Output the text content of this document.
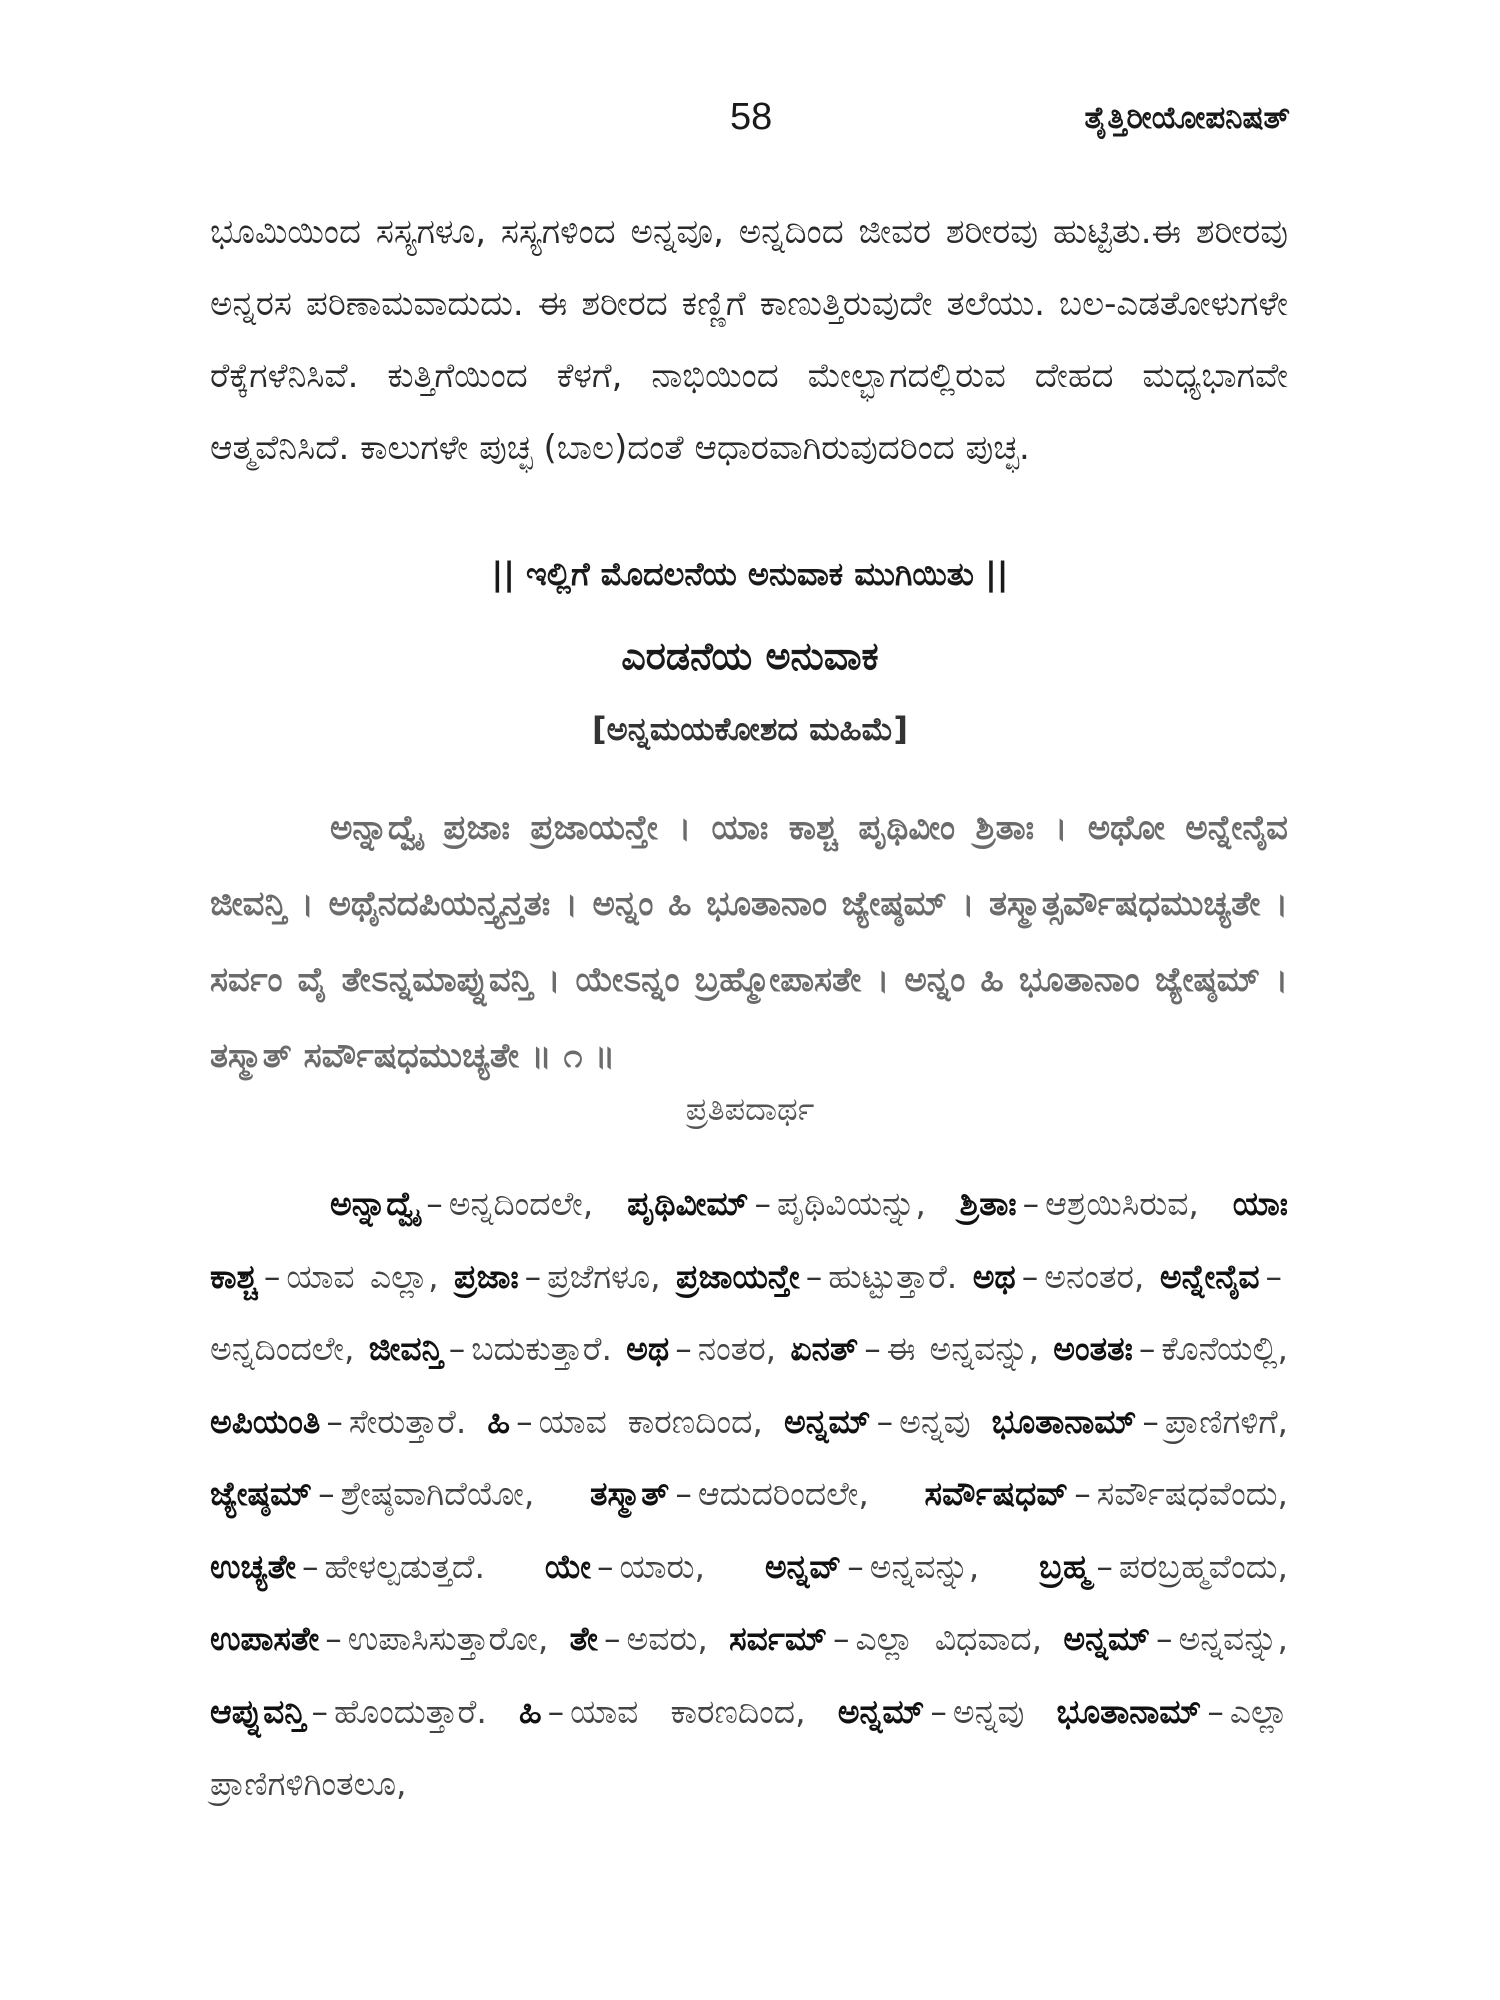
58	ತೈತ್ತಿರೀಯೋಪನಿಷತ್

ಭೂಮಿಯಿಂದ ಸಸ್ಯಗಳೂ, ಸಸ್ಯಗಳಿಂದ ಅನ್ನವೂ, ಅನ್ನದಿಂದ ಜೀವರ ಶರೀರವು ಹುಟ್ಟಿತು.ಈ ಶರೀರವು ಅನ್ನರಸ ಪರಿಣಾಮವಾದುದು. ಈ ಶರೀರದ ಕಣ್ಣಿಗೆ ಕಾಣುತ್ತಿರುವುದೇ ತಲೆಯು. ಬಲ-ಎಡತೋಳುಗಳೇ ರೆಕ್ಕೆಗಳೆನಿಸಿವೆ. ಕುತ್ತಿಗೆಯಿಂದ ಕೆಳಗೆ, ನಾಭಿಯಿಂದ ಮೇಲ್ಭಾಗದಲ್ಲಿರುವ ದೇಹದ ಮಧ್ಯಭಾಗವೇ ಆತ್ಮವೆನಿಸಿದೆ. ಕಾಲುಗಳೇ ಪುಚ್ಛ (ಬಾಲ)ದಂತೆ ಆಧಾರವಾಗಿರುವುದರಿಂದ ಪುಚ್ಛ.

|| ಇಲ್ಲಿಗೆ ಮೊದಲನೆಯ ಅನುವಾಕ ಮುಗಿಯಿತು ||
ಎರಡನೆಯ ಅನುವಾಕ
[ಅನ್ನಮಯಕೋಶದ ಮಹಿಮೆ]

ಅನ್ನಾದ್ವೈ ಪ್ರಜಾಃ ಪ್ರಜಾಯನ್ತೇ । ಯಾಃ ಕಾಶ್ಚ ಪೃಥಿವೀಂ ಶ್ರಿತಾಃ । ಅಥೋ ಅನ್ನೇನೈವ ಜೀವನ್ತಿ । ಅಥೈನದಪಿಯನ್ತ್ಯನ್ತತಃ । ಅನ್ನಂ ಹಿ ಭೂತಾನಾಂ ಜ್ಯೇಷ್ಠಮ್ । ತಸ್ಮಾತ್ಸರ್ವೌಷಧಮುಚ್ಯತೇ । ಸರ್ವಂ ವೈ ತೇಽನ್ನಮಾಪ್ನುವನ್ತಿ । ಯೇಽನ್ನಂ ಬ್ರಹ್ಮೋಪಾಸತೇ । ಅನ್ನಂ ಹಿ ಭೂತಾನಾಂ ಜ್ಯೇಷ್ಠಮ್ । ತಸ್ಮಾತ್ ಸರ್ವೌಷಧಮುಚ್ಯತೇ ॥ ೧ ॥

ಪ್ರತಿಪದಾರ್ಥ

ಅನ್ನಾದ್ವೈ – ಅನ್ನದಿಂದಲೇ, ಪೃಥಿವೀಮ್ – ಪೃಥಿವಿಯನ್ನು, ಶ್ರಿತಾಃ – ಆಶ್ರಯಿಸಿರುವ, ಯಾಃ ಕಾಶ್ಚ – ಯಾವ ಎಲ್ಲಾ, ಪ್ರಜಾಃ – ಪ್ರಜೆಗಳೂ, ಪ್ರಜಾಯನ್ತೇ – ಹುಟ್ಟುತ್ತಾರೆ. ಅಥ – ಅನಂತರ, ಅನ್ನೇನೈವ –ಅನ್ನದಿಂದಲೇ, ಜೀವನ್ತಿ – ಬದುಕುತ್ತಾರೆ. ಅಥ – ನಂತರ, ಏನತ್ – ಈ ಅನ್ನವನ್ನು, ಅಂತತಃ – ಕೊನೆಯಲ್ಲಿ, ಅಪಿಯಂತಿ – ಸೇರುತ್ತಾರೆ. ಹಿ – ಯಾವ ಕಾರಣದಿಂದ, ಅನ್ನಮ್ – ಅನ್ನವು ಭೂತಾನಾಮ್ – ಪ್ರಾಣಿಗಳಿಗೆ, ಜ್ಯೇಷ್ಠಮ್ – ಶ್ರೇಷ್ಠವಾಗಿದೆಯೋ, ತಸ್ಮಾತ್ – ಆದುದರಿಂದಲೇ, ಸರ್ವೌಷಧವ್ – ಸರ್ವೌಷಧವೆಂದು, ಉಚ್ಯತೇ – ಹೇಳಲ್ಪಡುತ್ತದೆ. ಯೇ – ಯಾರು, ಅನ್ನವ್ – ಅನ್ನವನ್ನು, ಬ್ರಹ್ಮ – ಪರಬ್ರಹ್ಮವೆಂದು, ಉಪಾಸತೇ – ಉಪಾಸಿಸುತ್ತಾರೋ, ತೇ – ಅವರು, ಸರ್ವಮ್ – ಎಲ್ಲಾ ವಿಧವಾದ, ಅನ್ನಮ್ – ಅನ್ನವನ್ನು, ಆಪ್ನುವನ್ತಿ – ಹೊಂದುತ್ತಾರೆ. ಹಿ – ಯಾವ ಕಾರಣದಿಂದ, ಅನ್ನಮ್ – ಅನ್ನವು ಭೂತಾನಾಮ್ – ಎಲ್ಲಾ ಪ್ರಾಣಿಗಳಿಗಿಂತಲೂ,
